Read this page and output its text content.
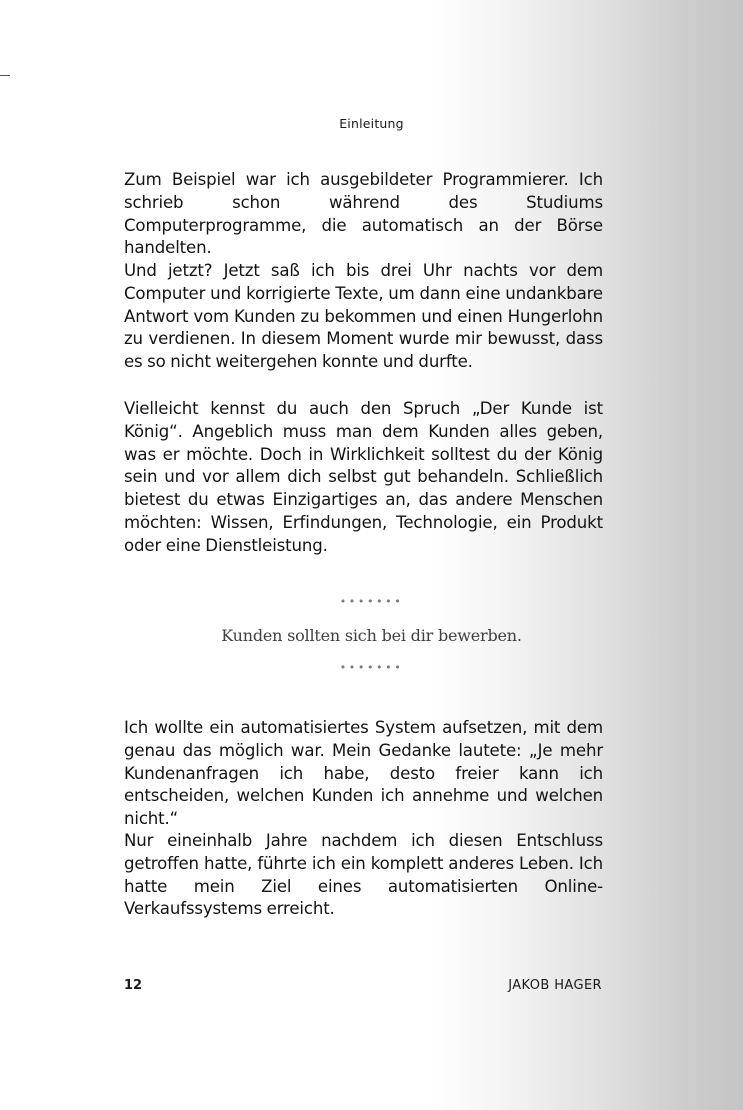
Einleitung

Zum Beispiel war ich ausgebildeter Programmierer. Ich schrieb schon während des Studiums Computerprogramme, die automatisch an der Börse handelten.

Und jetzt? Jetzt saß ich bis drei Uhr nachts vor dem Computer und korrigierte Texte, um dann eine undankbare Antwort vom Kunden zu bekommen und einen Hungerlohn zu verdienen. In diesem Moment wurde mir bewusst, dass es so nicht weitergehen konnte und durfte.

Vielleicht kennst du auch den Spruch „Der Kunde ist König“. Angeblich muss man dem Kunden alles geben, was er möchte. Doch in Wirklichkeit solltest du der König sein und vor allem dich selbst gut behandeln. Schließlich bietest du etwas Einzigartiges an, das andere Menschen möchten: Wissen, Erfindungen, Technologie, ein Produkt oder eine Dienstleistung.

•••••••
Kunden sollten sich bei dir bewerben.
•••••••

Ich wollte ein automatisiertes System aufsetzen, mit dem genau das möglich war. Mein Gedanke lautete: „Je mehr Kundenanfragen ich habe, desto freier kann ich entscheiden, welchen Kunden ich annehme und welchen nicht.“

Nur eineinhalb Jahre nachdem ich diesen Entschluss getroffen hatte, führte ich ein komplett anderes Leben. Ich hatte mein Ziel eines automatisierten Online-Verkaufssystems erreicht.

12	JAKOB HAGER
